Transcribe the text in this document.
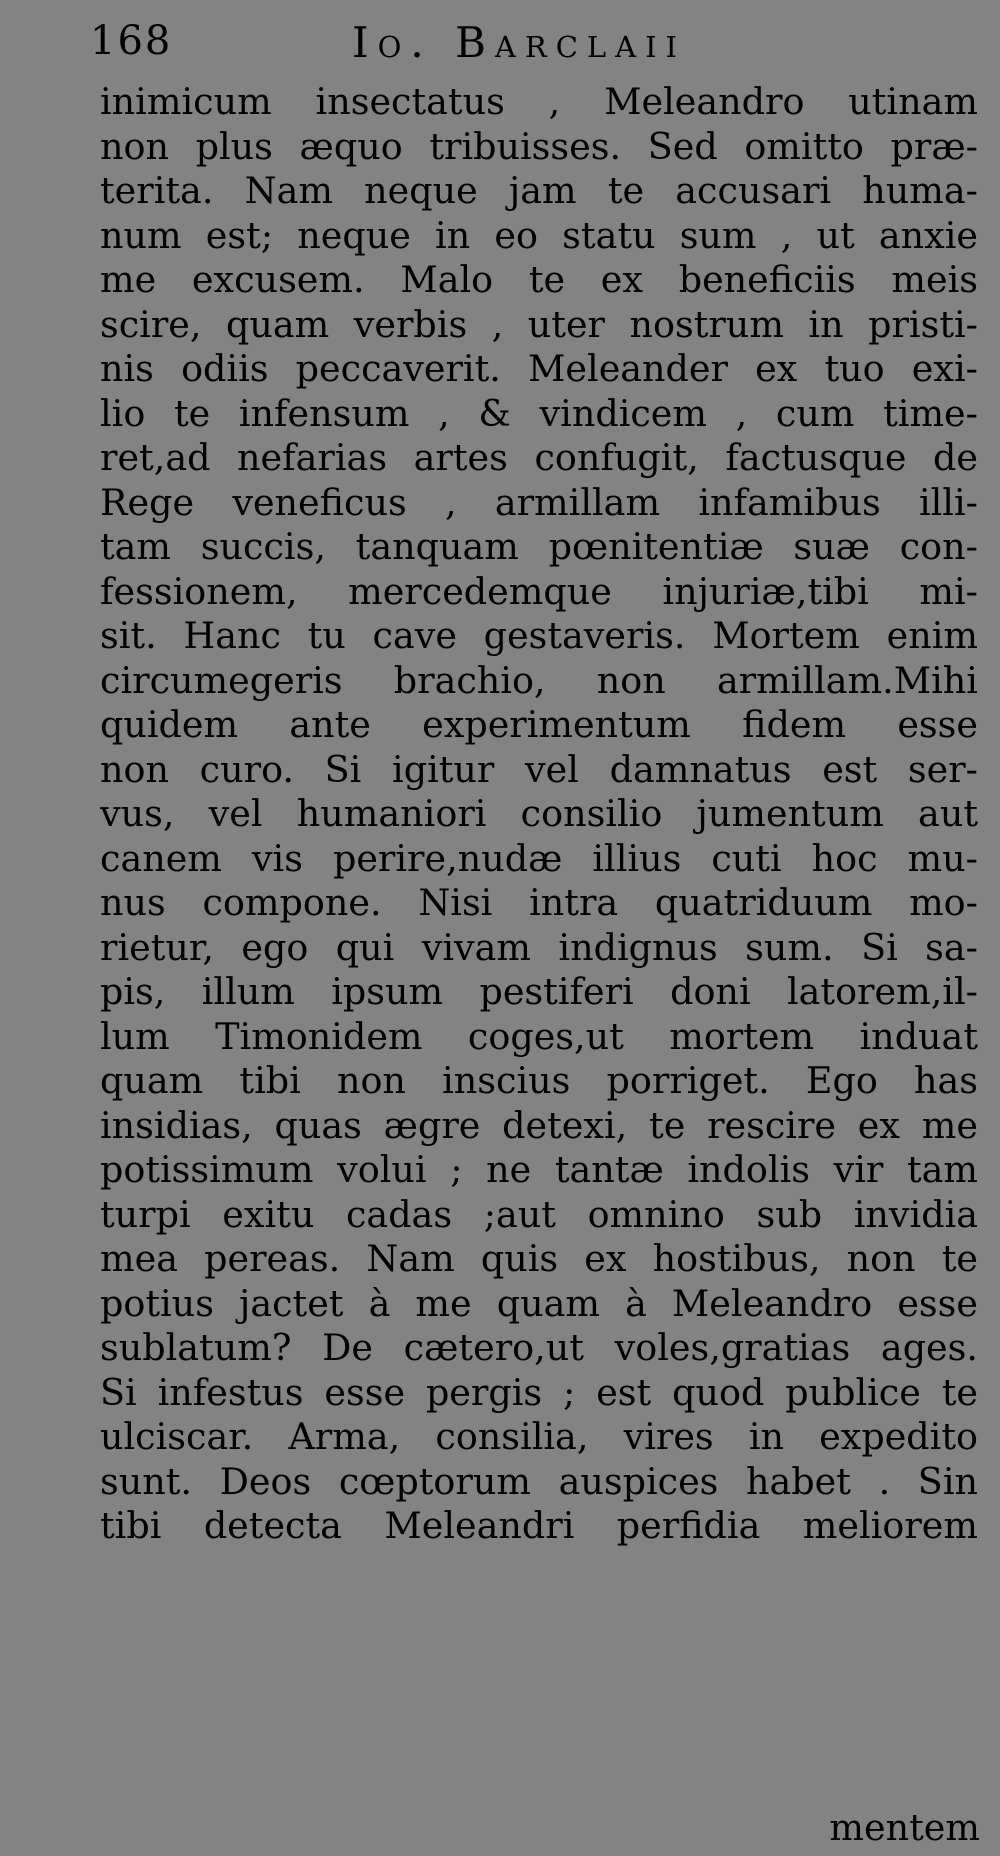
168	Io. Barclaii
inimicum insectatus , Meleandro utinam
non plus æquo tribuisses. Sed omitto præ-
terita. Nam neque jam te accusari huma-
num est; neque in eo statu sum , ut anxie
me excusem. Malo te ex beneficiis meis
scire, quam verbis , uter nostrum in pristi-
nis odiis peccaverit. Meleander ex tuo exi-
lio te infensum , & vindicem , cum time-
ret,ad nefarias artes confugit, factusque de
Rege veneficus , armillam infamibus illi-
tam succis, tanquam pœnitentiæ suæ con-
fessionem, mercedemque injuriæ,tibi mi-
sit. Hanc tu cave gestaveris. Mortem enim
circumegeris brachio, non armillam.Mihi
quidem ante experimentum fidem esse
non curo. Si igitur vel damnatus est ser-
vus, vel humaniori consilio jumentum aut
canem vis perire,nudæ illius cuti hoc mu-
nus compone. Nisi intra quatriduum mo-
rietur, ego qui vivam indignus sum. Si sa-
pis, illum ipsum pestiferi doni latorem,il-
lum Timonidem coges,ut mortem induat
quam tibi non inscius porriget. Ego has
insidias, quas ægre detexi, te rescire ex me
potissimum volui ; ne tantæ indolis vir tam
turpi exitu cadas ;aut omnino sub invidia
mea pereas. Nam quis ex hostibus, non te
potius jactet à me quam à Meleandro esse
sublatum? De cætero,ut voles,gratias ages.
Si infestus esse pergis ; est quod publice te
ulciscar. Arma, consilia, vires in expedito
sunt. Deos cœptorum auspices habet . Sin
tibi detecta Meleandri perfidia meliorem
mentem
